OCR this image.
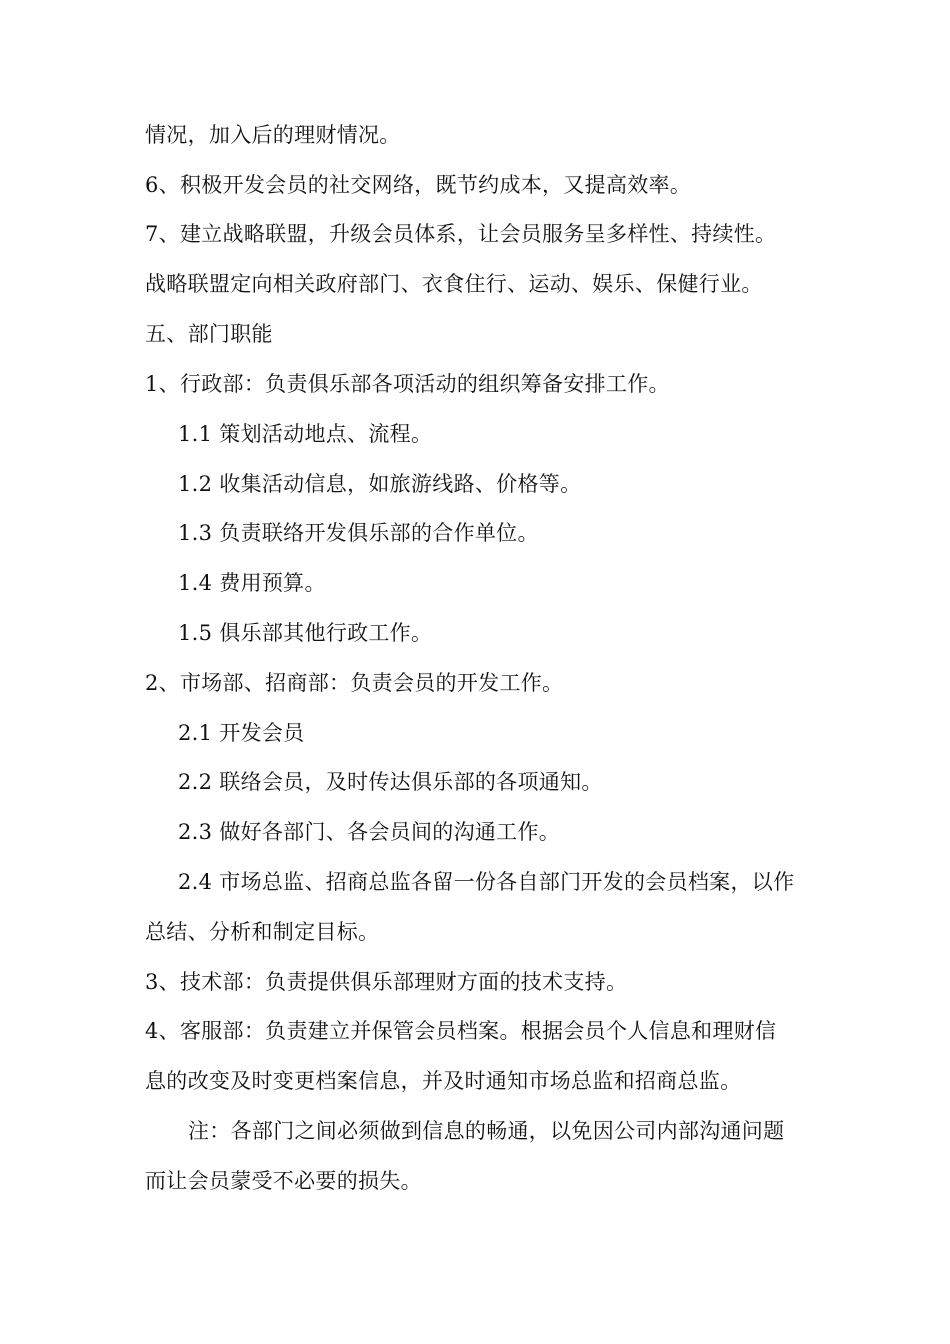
情况，加入后的理财情况。
6、积极开发会员的社交网络，既节约成本，又提高效率。
7、建立战略联盟，升级会员体系，让会员服务呈多样性、持续性。
战略联盟定向相关政府部门、衣食住行、运动、娱乐、保健行业。
五、部门职能
1、行政部：负责俱乐部各项活动的组织筹备安排工作。
1.1 策划活动地点、流程。
1.2 收集活动信息，如旅游线路、价格等。
1.3 负责联络开发俱乐部的合作单位。
1.4 费用预算。
1.5 俱乐部其他行政工作。
2、市场部、招商部：负责会员的开发工作。
2.1 开发会员
2.2 联络会员，及时传达俱乐部的各项通知。
2.3 做好各部门、各会员间的沟通工作。
2.4 市场总监、招商总监各留一份各自部门开发的会员档案，以作
总结、分析和制定目标。
3、技术部：负责提供俱乐部理财方面的技术支持。
4、客服部：负责建立并保管会员档案。根据会员个人信息和理财信
息的改变及时变更档案信息，并及时通知市场总监和招商总监。
注：各部门之间必须做到信息的畅通，以免因公司内部沟通问题
而让会员蒙受不必要的损失。
